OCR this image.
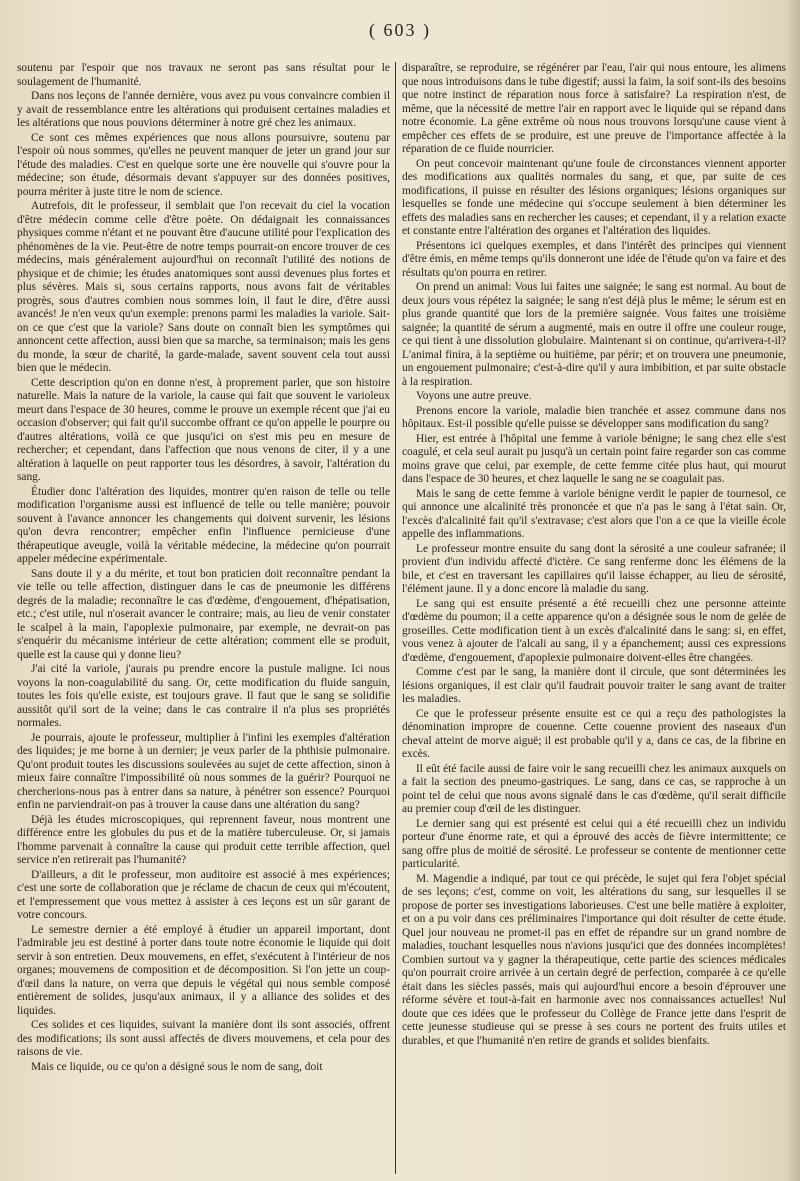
( 603 )

soutenu par l'espoir que nos travaux ne seront pas sans résultat pour le soulagement de l'humanité.

Dans nos leçons de l'année dernière, vous avez pu vous convaincre combien il y avait de ressemblance entre les altérations qui produisent certaines maladies et les altérations que nous pouvions déterminer à notre gré chez les animaux.

Ce sont ces mêmes expériences que nous allons poursuivre, soutenu par l'espoir où nous sommes, qu'elles ne peuvent manquer de jeter un grand jour sur l'étude des maladies. C'est en quelque sorte une ère nouvelle qui s'ouvre pour la médecine; son étude, désormais devant s'appuyer sur des données positives, pourra mériter à juste titre le nom de science.

Autrefois, dit le professeur, il semblait que l'on recevait du ciel la vocation d'être médecin comme celle d'être poète. On dédaignait les connaissances physiques comme n'étant et ne pouvant être d'aucune utilité pour l'explication des phénomènes de la vie. Peut-être de notre temps pourrait-on encore trouver de ces médecins, mais généralement aujourd'hui on reconnaît l'utilité des notions de physique et de chimie; les études anatomiques sont aussi devenues plus fortes et plus sévères. Mais si, sous certains rapports, nous avons fait de véritables progrès, sous d'autres combien nous sommes loin, il faut le dire, d'être aussi avancés! Je n'en veux qu'un exemple: prenons parmi les maladies la variole. Sait-on ce que c'est que la variole? Sans doute on connaît bien les symptômes qui annoncent cette affection, aussi bien que sa marche, sa terminaison; mais les gens du monde, la sœur de charité, la garde-malade, savent souvent cela tout aussi bien que le médecin.

Cette description qu'on en donne n'est, à proprement parler, que son histoire naturelle. Mais la nature de la variole, la cause qui fait que souvent le varioleux meurt dans l'espace de 30 heures, comme le prouve un exemple récent que j'ai eu occasion d'observer; qui fait qu'il succombe offrant ce qu'on appelle le pourpre ou d'autres altérations, voilà ce que jusqu'ici on s'est mis peu en mesure de rechercher; et cependant, dans l'affection que nous venons de citer, il y a une altération à laquelle on peut rapporter tous les désordres, à savoir, l'altération du sang.

Étudier donc l'altération des liquides, montrer qu'en raison de telle ou telle modification l'organisme aussi est influencé de telle ou telle manière; pouvoir souvent à l'avance annoncer les changements qui doivent survenir, les lésions qu'on devra rencontrer; empêcher enfin l'influence pernicieuse d'une thérapeutique aveugle, voilà la véritable médecine, la médecine qu'on pourrait appeler médecine expérimentale.

Sans doute il y a du mérite, et tout bon praticien doit reconnaître pendant la vie telle ou telle affection, distinguer dans le cas de pneumonie les différens degrés de la maladie; reconnaître le cas d'œdème, d'engouement, d'hépatisation, etc.; c'est utile, nul n'oserait avancer le contraire; mais, au lieu de venir constater le scalpel à la main, l'apoplexie pulmonaire, par exemple, ne devrait-on pas s'enquérir du mécanisme intérieur de cette altération; comment elle se produit, quelle est la cause qui y donne lieu?

J'ai cité la variole, j'aurais pu prendre encore la pustule maligne. Ici nous voyons la non-coagulabilité du sang. Or, cette modification du fluide sanguin, toutes les fois qu'elle existe, est toujours grave. Il faut que le sang se solidifie aussitôt qu'il sort de la veine; dans le cas contraire il n'a plus ses propriétés normales.

Je pourrais, ajoute le professeur, multiplier à l'infini les exemples d'altération des liquides; je me borne à un dernier; je veux parler de la phthisie pulmonaire. Qu'ont produit toutes les discussions soulevées au sujet de cette affection, sinon à mieux faire connaître l'impossibilité où nous sommes de la guérir? Pourquoi ne chercherions-nous pas à entrer dans sa nature, à pénétrer son essence? Pourquoi enfin ne parviendrait-on pas à trouver la cause dans une altération du sang?

Déjà les études microscopiques, qui reprennent faveur, nous montrent une différence entre les globules du pus et de la matière tuberculeuse. Or, si jamais l'homme parvenait à connaître la cause qui produit cette terrible affection, quel service n'en retirerait pas l'humanité?

D'ailleurs, a dit le professeur, mon auditoire est associé à mes expériences; c'est une sorte de collaboration que je réclame de chacun de ceux qui m'écoutent, et l'empressement que vous mettez à assister à ces leçons est un sûr garant de votre concours.

Le semestre dernier a été employé à étudier un appareil important, dont l'admirable jeu est destiné à porter dans toute notre économie le liquide qui doit servir à son entretien. Deux mouvemens, en effet, s'exécutent à l'intérieur de nos organes; mouvemens de composition et de décomposition. Si l'on jette un coup-d'œil dans la nature, on verra que depuis le végétal qui nous semble composé entièrement de solides, jusqu'aux animaux, il y a alliance des solides et des liquides.

Ces solides et ces liquides, suivant la manière dont ils sont associés, offrent des modifications; ils sont aussi affectés de divers mouvemens, et cela pour des raisons de vie.

Mais ce liquide, ou ce qu'on a désigné sous le nom de sang, doit

disparaître, se reproduire, se régénérer par l'eau, l'air qui nous entoure, les alimens que nous introduisons dans le tube digestif; aussi la faim, la soif sont-ils des besoins que notre instinct de réparation nous force à satisfaire? La respiration n'est, de même, que la nécessité de mettre l'air en rapport avec le liquide qui se répand dans notre économie. La gêne extrême où nous nous trouvons lorsqu'une cause vient à empêcher ces effets de se produire, est une preuve de l'importance affectée à la réparation de ce fluide nourricier.

On peut concevoir maintenant qu'une foule de circonstances viennent apporter des modifications aux qualités normales du sang, et que, par suite de ces modifications, il puisse en résulter des lésions organiques; lésions organiques sur lesquelles se fonde une médecine qui s'occupe seulement à bien déterminer les effets des maladies sans en rechercher les causes; et cependant, il y a relation exacte et constante entre l'altération des organes et l'altération des liquides.

Présentons ici quelques exemples, et dans l'intérêt des principes qui viennent d'être émis, en même temps qu'ils donneront une idée de l'étude qu'on va faire et des résultats qu'on pourra en retirer.

On prend un animal: Vous lui faites une saignée; le sang est normal. Au bout de deux jours vous répétez la saignée; le sang n'est déjà plus le même; le sérum est en plus grande quantité que lors de la première saignée. Vous faites une troisième saignée; la quantité de sérum a augmenté, mais en outre il offre une couleur rouge, ce qui tient à une dissolution globulaire. Maintenant si on continue, qu'arrivera-t-il? L'animal finira, à la septième ou huitième, par périr; et on trouvera une pneumonie, un engouement pulmonaire; c'est-à-dire qu'il y aura imbibition, et par suite obstacle à la respiration.

Voyons une autre preuve.

Prenons encore la variole, maladie bien tranchée et assez commune dans nos hôpitaux. Est-il possible qu'elle puisse se développer sans modification du sang?

Hier, est entrée à l'hôpital une femme à variole bénigne; le sang chez elle s'est coagulé, et cela seul aurait pu jusqu'à un certain point faire regarder son cas comme moins grave que celui, par exemple, de cette femme citée plus haut, qui mourut dans l'espace de 30 heures, et chez laquelle le sang ne se coagulait pas.

Mais le sang de cette femme à variole bénigne verdit le papier de tournesol, ce qui annonce une alcalinité très prononcée et que n'a pas le sang à l'état sain. Or, l'excès d'alcalinité fait qu'il s'extravase; c'est alors que l'on a ce que la vieille école appelle des inflammations.

Le professeur montre ensuite du sang dont la sérosité a une couleur safranée; il provient d'un individu affecté d'ictère. Ce sang renferme donc les élémens de la bile, et c'est en traversant les capillaires qu'il laisse échapper, au lieu de sérosité, l'élément jaune. Il y a donc encore là maladie du sang.

Le sang qui est ensuite présenté a été recueilli chez une personne atteinte d'œdème du poumon; il a cette apparence qu'on a désignée sous le nom de gelée de groseilles. Cette modification tient à un excès d'alcalinité dans le sang: si, en effet, vous venez à ajouter de l'alcali au sang, il y a épanchement; aussi ces expressions d'œdème, d'engouement, d'apoplexie pulmonaire doivent-elles être changées.

Comme c'est par le sang, la manière dont il circule, que sont déterminées les lésions organiques, il est clair qu'il faudrait pouvoir traiter le sang avant de traiter les maladies.

Ce que le professeur présente ensuite est ce qui a reçu des pathologistes la dénomination impropre de couenne. Cette couenne provient des naseaux d'un cheval atteint de morve aiguë; il est probable qu'il y a, dans ce cas, de la fibrine en excès.

Il eût été facile aussi de faire voir le sang recueilli chez les animaux auxquels on a fait la section des pneumo-gastriques. Le sang, dans ce cas, se rapproche à un point tel de celui que nous avons signalé dans le cas d'œdème, qu'il serait difficile au premier coup d'œil de les distinguer.

Le dernier sang qui est présenté est celui qui a été recueilli chez un individu porteur d'une énorme rate, et qui a éprouvé des accès de fièvre intermittente; ce sang offre plus de moitié de sérosité. Le professeur se contente de mentionner cette particularité.

M. Magendie a indiqué, par tout ce qui précède, le sujet qui fera l'objet spécial de ses leçons; c'est, comme on voit, les altérations du sang, sur lesquelles il se propose de porter ses investigations laborieuses. C'est une belle matière à exploiter, et on a pu voir dans ces préliminaires l'importance qui doit résulter de cette étude. Quel jour nouveau ne promet-il pas en effet de répandre sur un grand nombre de maladies, touchant lesquelles nous n'avions jusqu'ici que des données incomplètes! Combien surtout va y gagner la thérapeutique, cette partie des sciences médicales qu'on pourrait croire arrivée à un certain degré de perfection, comparée à ce qu'elle était dans les siècles passés, mais qui aujourd'hui encore a besoin d'éprouver une réforme sévère et tout-à-fait en harmonie avec nos connaissances actuelles! Nul doute que ces idées que le professeur du Collège de France jette dans l'esprit de cette jeunesse studieuse qui se presse à ses cours ne portent des fruits utiles et durables, et que l'humanité n'en retire de grands et solides bienfaits.
